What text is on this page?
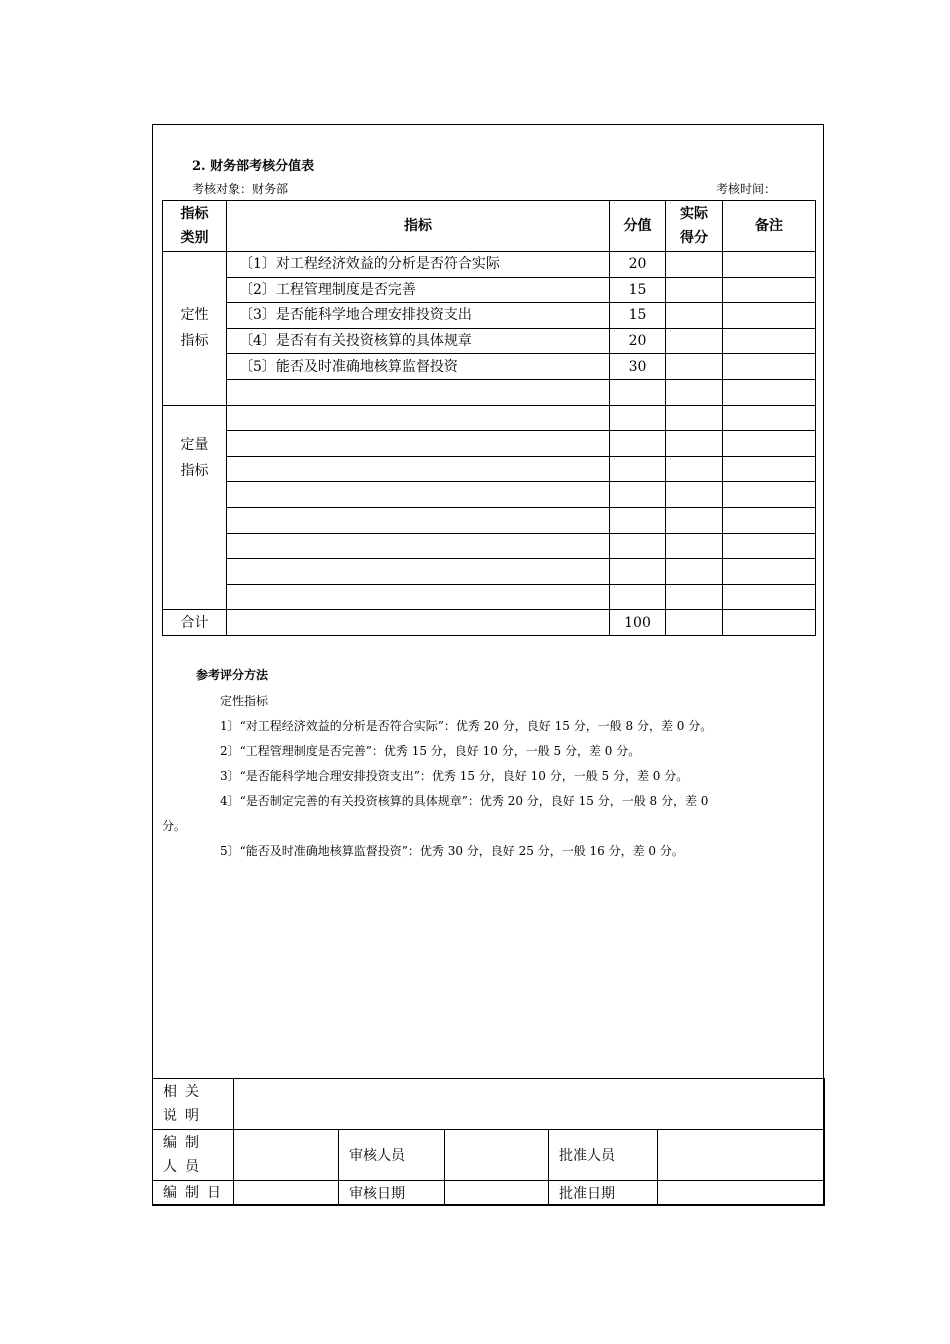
2. 财务部考核分值表
考核对象：财务部	考核时间：
指标类别	指标	分值	实际得分	备注

定性指标	〔1〕对工程经济效益的分析是否符合实际	20		
	〔2〕工程管理制度是否完善	15		
	〔3〕是否能科学地合理安排投资支出	15		
	〔4〕是否有有关投资核算的具体规章	20		
	〔5〕能否及时准确地核算监督投资	30		

定量指标				

合计		100		
参考评分方法
定性指标
1〕“对工程经济效益的分析是否符合实际”：优秀 20 分，良好 15 分，一般 8 分，差 0 分。
2〕“工程管理制度是否完善”：优秀 15 分，良好 10 分，一般 5 分，差 0 分。
3〕“是否能科学地合理安排投资支出”：优秀 15 分，良好 10 分，一般 5 分，差 0 分。
4〕“是否制定完善的有关投资核算的具体规章”：优秀 20 分，良好 15 分，一般 8 分，差 0
分。
5〕“能否及时准确地核算监督投资”：优秀 30 分，良好 25 分，一般 16 分，差 0 分。
相关说明					

编制人员		审核人员		批准人员	

编制日		审核日期		批准日期	
